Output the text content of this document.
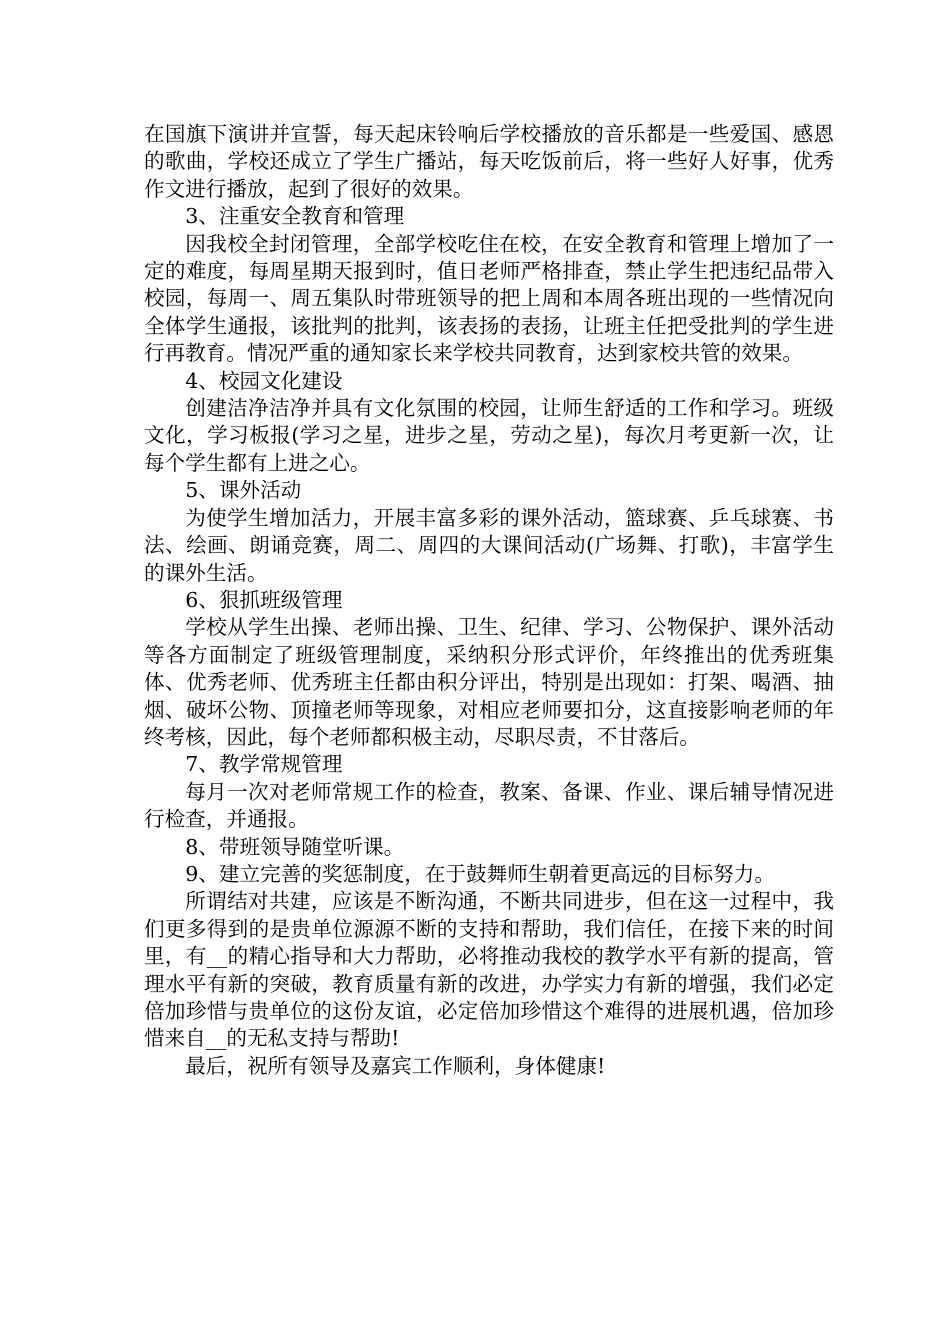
在国旗下演讲并宣誓，每天起床铃响后学校播放的音乐都是一些爱国、感恩的歌曲，学校还成立了学生广播站，每天吃饭前后，将一些好人好事，优秀作文进行播放，起到了很好的效果。

3、注重安全教育和管理

因我校全封闭管理，全部学校吃住在校，在安全教育和管理上增加了一定的难度，每周星期天报到时，值日老师严格排查，禁止学生把违纪品带入校园，每周一、周五集队时带班领导的把上周和本周各班出现的一些情况向全体学生通报，该批判的批判，该表扬的表扬，让班主任把受批判的学生进行再教育。情况严重的通知家长来学校共同教育，达到家校共管的效果。

4、校园文化建设

创建洁净洁净并具有文化氛围的校园，让师生舒适的工作和学习。班级文化，学习板报(学习之星，进步之星，劳动之星)，每次月考更新一次，让每个学生都有上进之心。

5、课外活动

为使学生增加活力，开展丰富多彩的课外活动，篮球赛、乒乓球赛、书法、绘画、朗诵竞赛，周二、周四的大课间活动(广场舞、打歌)，丰富学生的课外生活。

6、狠抓班级管理

学校从学生出操、老师出操、卫生、纪律、学习、公物保护、课外活动等各方面制定了班级管理制度，采纳积分形式评价，年终推出的优秀班集体、优秀老师、优秀班主任都由积分评出，特别是出现如：打架、喝酒、抽烟、破坏公物、顶撞老师等现象，对相应老师要扣分，这直接影响老师的年终考核，因此，每个老师都积极主动，尽职尽责，不甘落后。

7、教学常规管理

每月一次对老师常规工作的检查，教案、备课、作业、课后辅导情况进行检查，并通报。

8、带班领导随堂听课。

9、建立完善的奖惩制度，在于鼓舞师生朝着更高远的目标努力。

所谓结对共建，应该是不断沟通，不断共同进步，但在这一过程中，我们更多得到的是贵单位源源不断的支持和帮助，我们信任，在接下来的时间里，有__的精心指导和大力帮助，必将推动我校的教学水平有新的提高，管理水平有新的突破，教育质量有新的改进，办学实力有新的增强，我们必定倍加珍惜与贵单位的这份友谊，必定倍加珍惜这个难得的进展机遇，倍加珍惜来自__的无私支持与帮助!

最后，祝所有领导及嘉宾工作顺利，身体健康!
